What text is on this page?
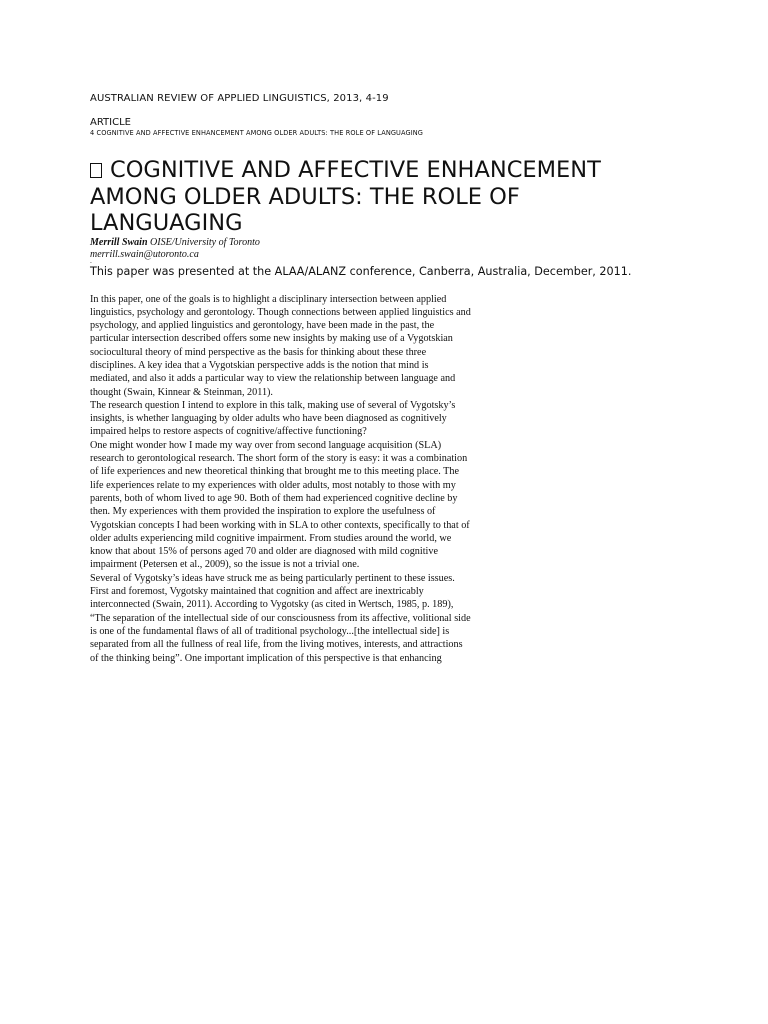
AUSTRALIAN REVIEW OF APPLIED LINGUISTICS, 2013, 4-19

ARTICLE

4 COGNITIVE AND AFFECTIVE ENHANCEMENT AMONG OLDER ADULTS: THE ROLE OF LANGUAGING

COGNITIVE AND AFFECTIVE ENHANCEMENT AMONG OLDER ADULTS: THE ROLE OF LANGUAGING

Merrill Swain OISE/University of Toronto

merrill.swain@utoronto.ca

-

This paper was presented at the ALAA/ALANZ conference, Canberra, Australia, December, 2011.

In this paper, one of the goals is to highlight a disciplinary intersection between applied
linguistics, psychology and gerontology. Though connections between applied linguistics and
psychology, and applied linguistics and gerontology, have been made in the past, the
particular intersection described offers some new insights by making use of a Vygotskian
sociocultural theory of mind perspective as the basis for thinking about these three
disciplines. A key idea that a Vygotskian perspective adds is the notion that mind is
mediated, and also it adds a particular way to view the relationship between language and
thought (Swain, Kinnear & Steinman, 2011).

The research question I intend to explore in this talk, making use of several of Vygotsky’s
insights, is whether languaging by older adults who have been diagnosed as cognitively
impaired helps to restore aspects of cognitive/affective functioning?

One might wonder how I made my way over from second language acquisition (SLA)
research to gerontological research. The short form of the story is easy: it was a combination
of life experiences and new theoretical thinking that brought me to this meeting place. The
life experiences relate to my experiences with older adults, most notably to those with my
parents, both of whom lived to age 90. Both of them had experienced cognitive decline by
then. My experiences with them provided the inspiration to explore the usefulness of
Vygotskian concepts I had been working with in SLA to other contexts, specifically to that of
older adults experiencing mild cognitive impairment. From studies around the world, we
know that about 15% of persons aged 70 and older are diagnosed with mild cognitive
impairment (Petersen et al., 2009), so the issue is not a trivial one.

Several of Vygotsky’s ideas have struck me as being particularly pertinent to these issues.
First and foremost, Vygotsky maintained that cognition and affect are inextricably
interconnected (Swain, 2011). According to Vygotsky (as cited in Wertsch, 1985, p. 189),
“The separation of the intellectual side of our consciousness from its affective, volitional side
is one of the fundamental flaws of all of traditional psychology...[the intellectual side] is
separated from all the fullness of real life, from the living motives, interests, and attractions
of the thinking being”. One important implication of this perspective is that enhancing
